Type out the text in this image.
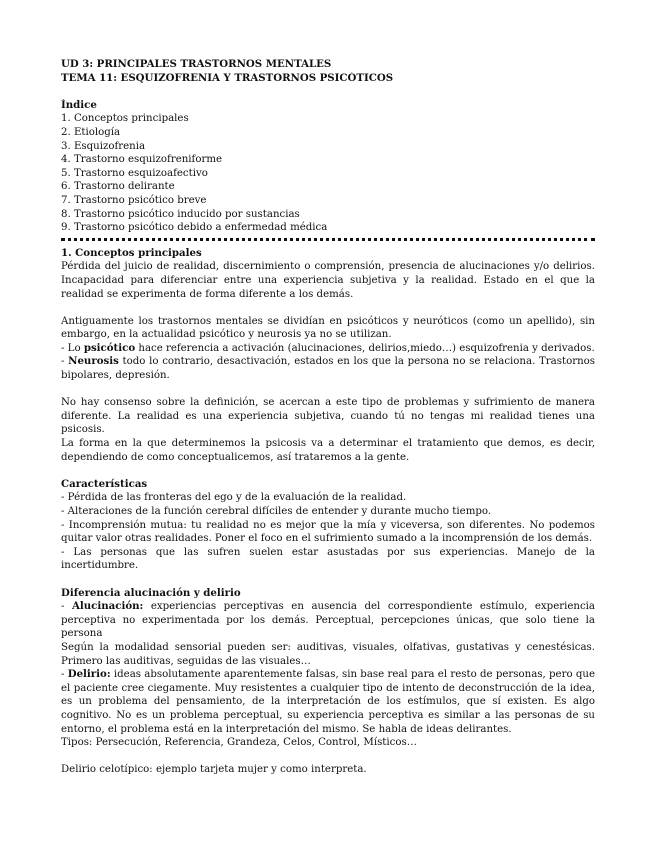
UD 3: PRINCIPALES TRASTORNOS MENTALES
TEMA 11: ESQUIZOFRENIA Y TRASTORNOS PSICÓTICOS
Índice
1. Conceptos principales
2. Etiología
3. Esquizofrenia
4. Trastorno esquizofreniforme
5. Trastorno esquizoafectivo
6. Trastorno delirante
7. Trastorno psicótico breve
8. Trastorno psicótico inducido por sustancias
9. Trastorno psicótico debido a enfermedad médica

1. Conceptos principales

Pérdida del juicio de realidad, discernimiento o comprensión, presencia de alucinaciones y/o delirios. Incapacidad para diferenciar entre una experiencia subjetiva y la realidad. Estado en el que la realidad se experimenta de forma diferente a los demás.

Antiguamente los trastornos mentales se dividían en psicóticos y neuróticos (como un apellido), sin embargo, en la actualidad psicótico y neurosis ya no se utilizan.

- Lo psicótico hace referencia a activación (alucinaciones, delirios,miedo…) esquizofrenia y derivados.

- Neurosis todo lo contrario, desactivación, estados en los que la persona no se relaciona. Trastornos bipolares, depresión.

No hay consenso sobre la definición, se acercan a este tipo de problemas y sufrimiento de manera diferente. La realidad es una experiencia subjetiva, cuando tú no tengas mi realidad tienes una psicosis.

La forma en la que determinemos la psicosis va a determinar el tratamiento que demos, es decir, dependiendo de como conceptualicemos, así trataremos a la gente.

Características

- Pérdida de las fronteras del ego y de la evaluación de la realidad.

- Alteraciones de la función cerebral difíciles de entender y durante mucho tiempo.

- Incomprensión mutua: tu realidad no es mejor que la mía y viceversa, son diferentes. No podemos quitar valor otras realidades. Poner el foco en el sufrimiento sumado a la incomprensión de los demás.

- Las personas que las sufren suelen estar asustadas por sus experiencias. Manejo de la incertidumbre.

Diferencia alucinación y delirio

- Alucinación: experiencias perceptivas en ausencia del correspondiente estímulo, experiencia perceptiva no experimentada por los demás. Perceptual, percepciones únicas, que solo tiene la persona

Según la modalidad sensorial pueden ser: auditivas, visuales, olfativas, gustativas y cenestésicas. Primero las auditivas, seguidas de las visuales…

- Delirio: ideas absolutamente aparentemente falsas, sin base real para el resto de personas, pero que el paciente cree ciegamente. Muy resistentes a cualquier tipo de intento de deconstrucción de la idea, es un problema del pensamiento, de la interpretación de los estímulos, que sí existen. Es algo cognitivo. No es un problema perceptual, su experiencia perceptiva es similar a las personas de su entorno, el problema está en la interpretación del mismo. Se habla de ideas delirantes.

Tipos: Persecución, Referencia, Grandeza, Celos, Control, Místicos…

Delirio celotípico: ejemplo tarjeta mujer y como interpreta.
